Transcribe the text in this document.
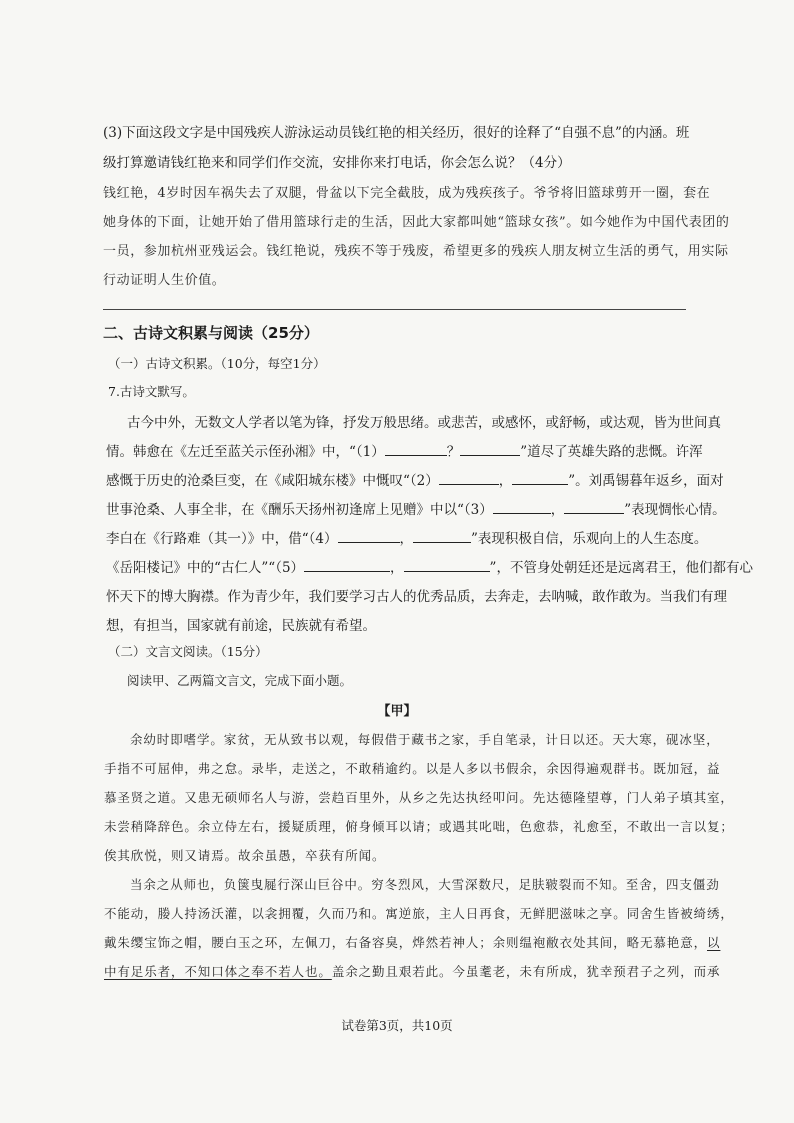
(3)下面这段文字是中国残疾人游泳运动员钱红艳的相关经历，很好的诠释了“自强不息”的内涵。班
级打算邀请钱红艳来和同学们作交流，安排你来打电话，你会怎么说？（4分）
钱红艳，4岁时因车祸失去了双腿，骨盆以下完全截肢，成为残疾孩子。爷爷将旧篮球剪开一圈，套在
她身体的下面，让她开始了借用篮球行走的生活，因此大家都叫她“篮球女孩”。如今她作为中国代表团的
一员，参加杭州亚残运会。钱红艳说，残疾不等于残废，希望更多的残疾人朋友树立生活的勇气，用实际
行动证明人生价值。
二、古诗文积累与阅读（25分）
（一）古诗文积累。（10分，每空1分）
7.古诗文默写。
古今中外，无数文人学者以笔为锋，抒发万般思绪。或悲苦，或感怀，或舒畅，或达观，皆为世间真
情。韩愈在《左迁至蓝关示侄孙湘》中，“（1）	？	”道尽了英雄失路的悲慨。许浑
感慨于历史的沧桑巨变，在《咸阳城东楼》中慨叹“（2）	，	”。刘禹锡暮年返乡，面对
世事沧桑、人事全非，在《酬乐天扬州初逢席上见赠》中以“（3）	，	”表现惆怅心情。
李白在《行路难（其一）》中，借“（4）	，	”表现积极自信，乐观向上的人生态度。
《岳阳楼记》中的“古仁人”“（5）	，	”，不管身处朝廷还是远离君王，他们都有心
怀天下的博大胸襟。作为青少年，我们要学习古人的优秀品质，去奔走，去呐喊，敢作敢为。当我们有理
想，有担当，国家就有前途，民族就有希望。
（二）文言文阅读。（15分）
阅读甲、乙两篇文言文，完成下面小题。
【甲】
余幼时即嗜学。家贫，无从致书以观，每假借于藏书之家，手自笔录，计日以还。天大寒，砚冰坚，
手指不可屈伸，弗之怠。录毕，走送之，不敢稍逾约。以是人多以书假余，余因得遍观群书。既加冠，益
慕圣贤之道。又患无硕师名人与游，尝趋百里外，从乡之先达执经叩问。先达德隆望尊，门人弟子填其室，
未尝稍降辞色。余立侍左右，援疑质理，俯身倾耳以请；或遇其叱咄，色愈恭，礼愈至，不敢出一言以复；
俟其欣悦，则又请焉。故余虽愚，卒获有所闻。
当余之从师也，负箧曳屣行深山巨谷中。穷冬烈风，大雪深数尺，足肤皲裂而不知。至舍，四支僵劲
不能动，媵人持汤沃灌，以衾拥覆，久而乃和。寓逆旅，主人日再食，无鲜肥滋味之享。同舍生皆被绮绣，
戴朱缨宝饰之帽，腰白玉之环，左佩刀，右备容臭，烨然若神人；余则缊袍敝衣处其间，略无慕艳意，以
中有足乐者，不知口体之奉不若人也。盖余之勤且艰若此。今虽耄老，未有所成，犹幸预君子之列，而承
试卷第3页，共10页
